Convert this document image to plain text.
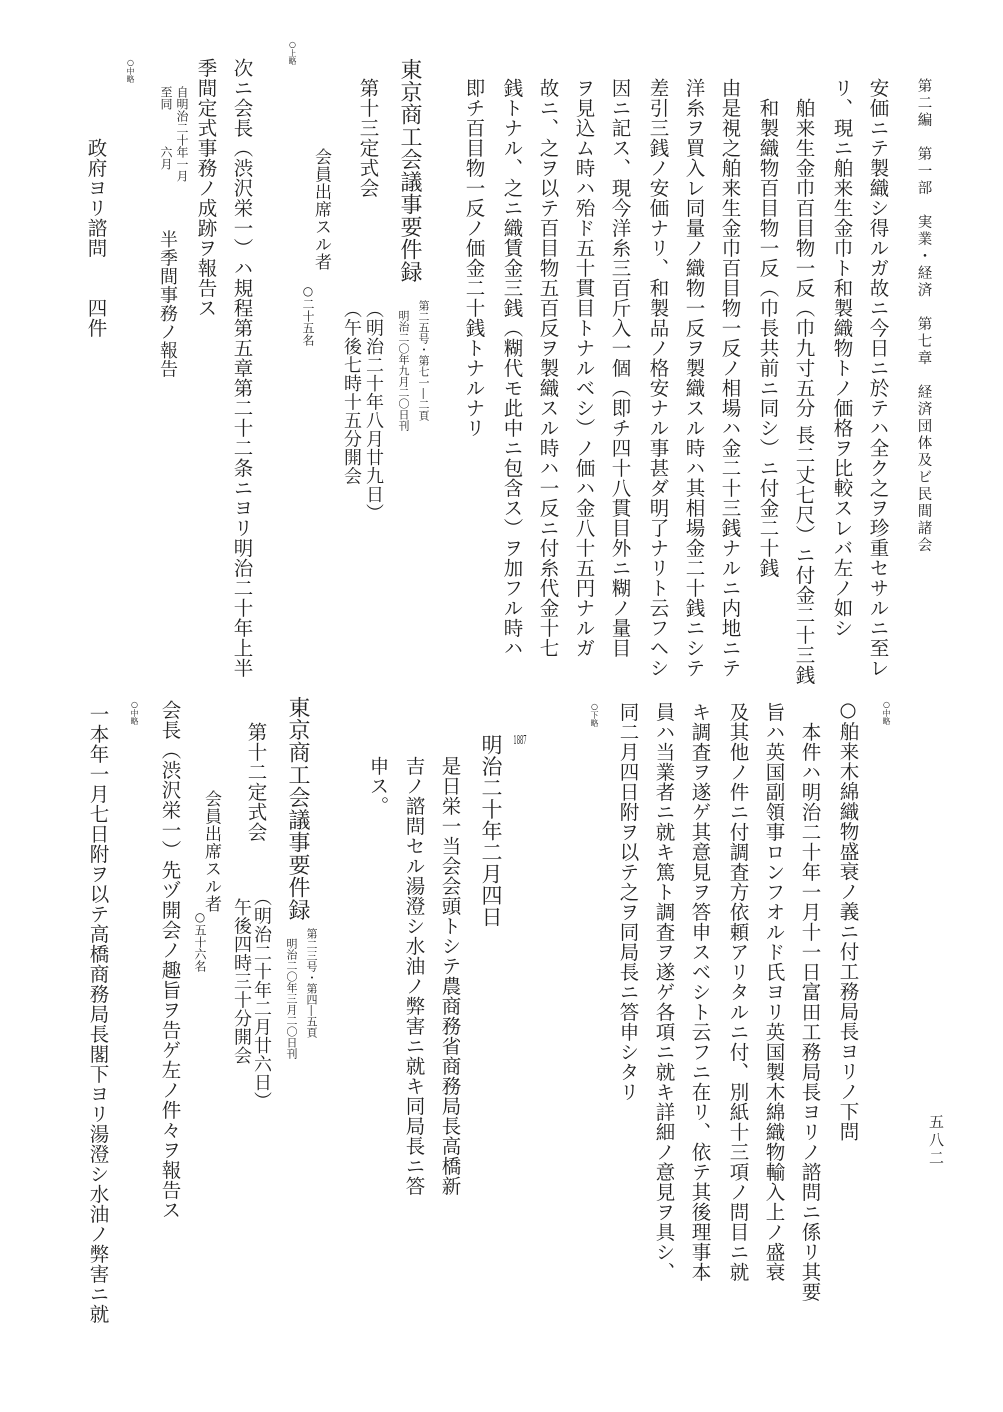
第二編　第一部　実業・経済　第七章　経済団体及ビ民間諸会
安価ニテ製織シ得ルガ故ニ今日ニ於テハ全ク之ヲ珍重セサルニ至レ
リ、現ニ舶来生金巾ト和製織物トノ価格ヲ比較スレバ左ノ如シ
舶来生金巾百目物一反（巾九寸五分 長二丈七尺）ニ付金二十三銭
和製織物百目物一反（巾長共前ニ同シ）ニ付金二十銭
由是視之舶来生金巾百目物一反ノ相場ハ金二十三銭ナルニ内地ニテ
洋糸ヲ買入レ同量ノ織物一反ヲ製織スル時ハ其相場金二十銭ニシテ
差引三銭ノ安価ナリ、和製品ノ格安ナル事甚ダ明了ナリト云フヘシ
因ニ記ス、現今洋糸三百斤入一個（即チ四十八貫目外ニ糊ノ量目
ヲ見込ム時ハ殆ド五十貫目トナルベシ）ノ価ハ金八十五円ナルガ
故ニ、之ヲ以テ百目物五百反ヲ製織スル時ハ一反ニ付糸代金十七
銭トナル、之ニ織賃金三銭（糊代モ此中ニ包含ス）ヲ加フル時ハ
即チ百目物一反ノ価金二十銭トナルナリ
第二五号・第七一―二頁
明治二〇年九月二〇日刊
東京商工会議事要件録
（明治二十年八月廿九日）
（午後七時十五分開会
第十三定式会
会員出席スル者
○二十五名
○上略
次ニ会長（渋沢栄一）ハ規程第五章第二十二条ニヨリ明治二十年上半
季間定式事務ノ成跡ヲ報告ス
自明治二十年一月
至同　　　六月
半季間事務ノ報告
○中略
政府ヨリ諮問　　四件
五八二
○中略
○舶来木綿織物盛衰ノ義ニ付工務局長ヨリノ下問
本件ハ明治二十年一月十一日富田工務局長ヨリノ諮問ニ係リ其要
旨ハ英国副領事ロンフオルド氏ヨリ英国製木綿織物輸入上ノ盛衰
及其他ノ件ニ付調査方依頼アリタルニ付、別紙十三項ノ問目ニ就
キ調査ヲ遂ゲ其意見ヲ答申スベシト云フニ在リ、依テ其後理事本
員ハ当業者ニ就キ篤ト調査ヲ遂ゲ各項ニ就キ詳細ノ意見ヲ具シ、
同二月四日附ヲ以テ之ヲ同局長ニ答申シタリ
○下略
1887
明治二十年二月四日
是日栄一当会会頭トシテ農商務省商務局長高橋新
吉ノ諮問セル湯澄シ水油ノ弊害ニ就キ同局長ニ答
申ス。
東京商工会議事要件録
第二三号・第四―五頁
明治二〇年三月二〇日刊
第十二定式会
（明治二十年二月廿六日）
午後四時三十分開会
会員出席スル者
○五十六名
会長（渋沢栄一）先ヅ開会ノ趣旨ヲ告ゲ左ノ件々ヲ報告ス
○中略
一本年一月七日附ヲ以テ高橋商務局長閣下ヨリ湯澄シ水油ノ弊害ニ就
